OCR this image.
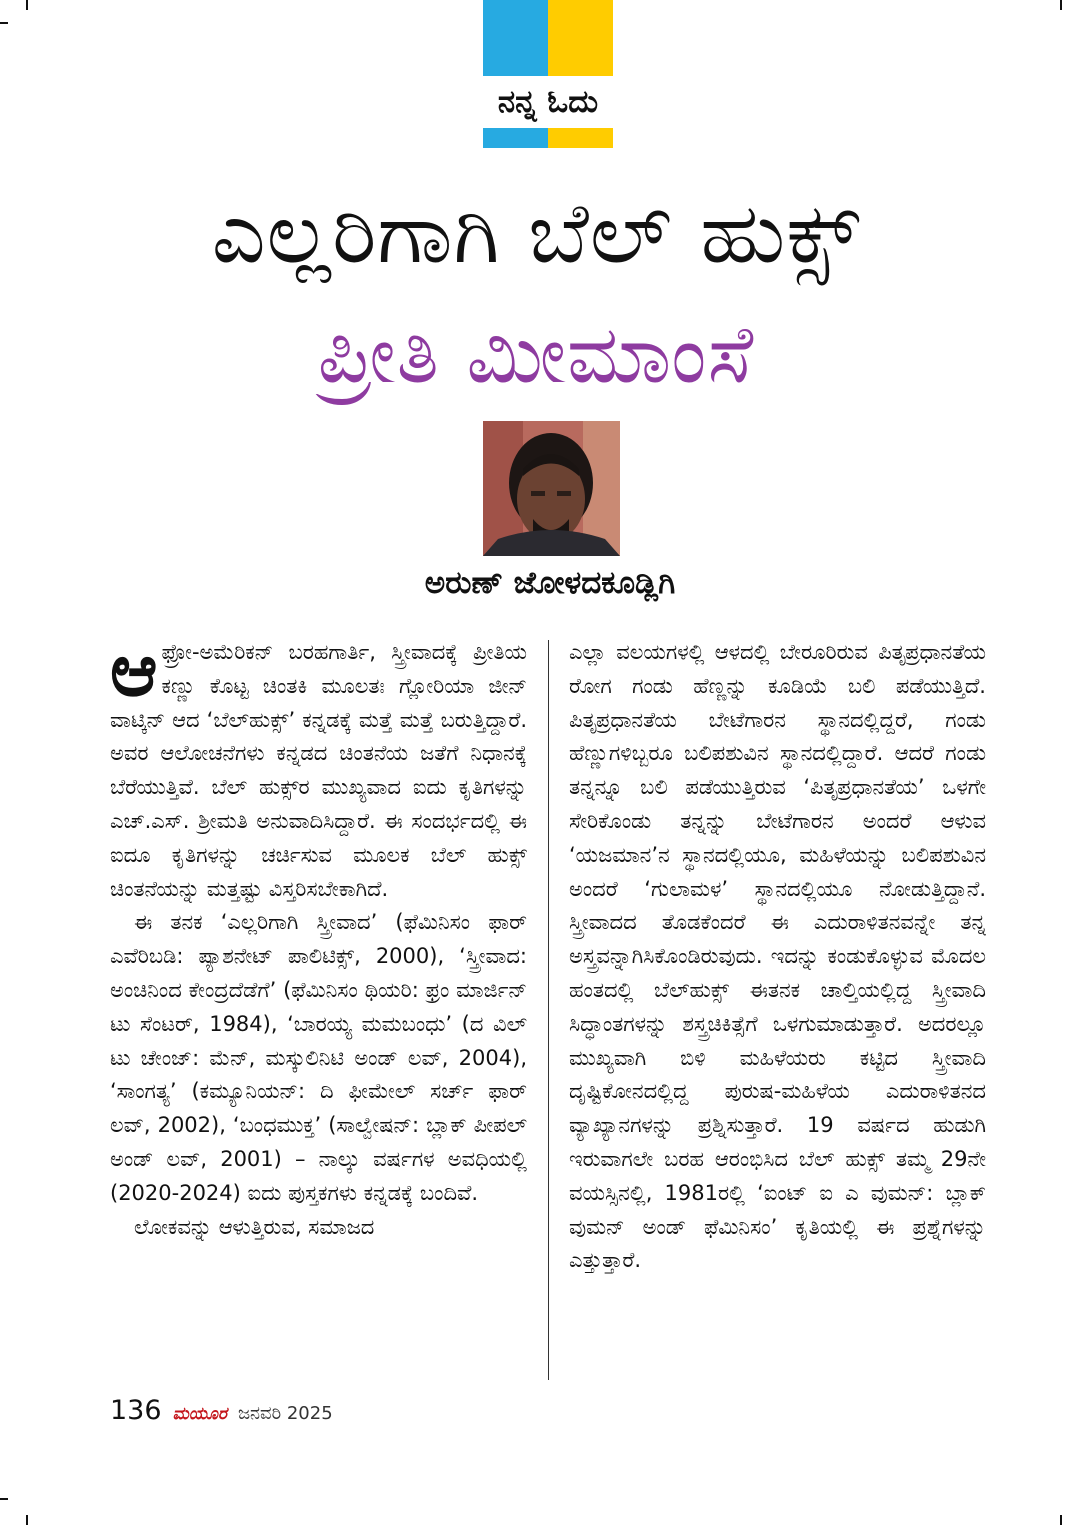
ನನ್ನ ಓದು
ಎಲ್ಲರಿಗಾಗಿ ಬೆಲ್ ಹುಕ್ಸ್
ಪ್ರೀತಿ ಮೀಮಾಂಸೆ
ಅರುಣ್ ಜೋಳದಕೂಡ್ಲಿಗಿ
ಆ ಫ್ರೋ-ಅಮೆರಿಕನ್ ಬರಹಗಾರ್ತಿ, ಸ್ತ್ರೀವಾದಕ್ಕೆ ಪ್ರೀತಿಯ ಕಣ್ಣು ಕೊಟ್ಟ ಚಿಂತಕಿ ಮೂಲತಃ ಗ್ಲೋರಿಯಾ ಜೀನ್ ವಾಟ್ಕಿನ್ ಆದ ‘ಬೆಲ್‌ಹುಕ್ಸ್’ ಕನ್ನಡಕ್ಕೆ ಮತ್ತೆ ಮತ್ತೆ ಬರುತ್ತಿದ್ದಾರೆ. ಅವರ ಆಲೋಚನೆಗಳು ಕನ್ನಡದ ಚಿಂತನೆಯ ಜತೆಗೆ ನಿಧಾನಕ್ಕೆ ಬೆರೆಯುತ್ತಿವೆ. ಬೆಲ್ ಹುಕ್ಸ್‌ರ ಮುಖ್ಯವಾದ ಐದು ಕೃತಿಗಳನ್ನು ಎಚ್.ಎಸ್. ಶ್ರೀಮತಿ ಅನುವಾದಿಸಿದ್ದಾರೆ. ಈ ಸಂದರ್ಭದಲ್ಲಿ ಈ ಐದೂ ಕೃತಿಗಳನ್ನು ಚರ್ಚಿಸುವ ಮೂಲಕ ಬೆಲ್ ಹುಕ್ಸ್ ಚಿಂತನೆಯನ್ನು ಮತ್ತಷ್ಟು ವಿಸ್ತರಿಸಬೇಕಾಗಿದೆ.

ಈ ತನಕ ‘ಎಲ್ಲರಿಗಾಗಿ ಸ್ತ್ರೀವಾದ’ (ಫೆಮಿನಿಸಂ ಫಾರ್ ಎವೆರಿಬಡಿ: ಪ್ಯಾಶನೇಟ್ ಪಾಲಿಟಿಕ್ಸ್, 2000), ‘ಸ್ತ್ರೀವಾದ: ಅಂಚಿನಿಂದ ಕೇಂದ್ರದೆಡೆಗೆ’ (ಫೆಮಿನಿಸಂ ಥಿಯರಿ: ಫ್ರಂ ಮಾರ್ಜಿನ್ ಟು ಸೆಂಟರ್, 1984), ‘ಬಾರಯ್ಯ ಮಮಬಂಧು’ (ದ ವಿಲ್ ಟು ಚೇಂಜ್: ಮೆನ್, ಮಸ್ಕುಲಿನಿಟಿ ಅಂಡ್ ಲವ್, 2004), ‘ಸಾಂಗತ್ಯ’ (ಕಮ್ಯೂನಿಯನ್: ದಿ ಫೀಮೇಲ್ ಸರ್ಚ್ ಫಾರ್ ಲವ್, 2002), ‘ಬಂಧಮುಕ್ತ’ (ಸಾಲ್ವೇಷನ್: ಬ್ಲಾಕ್ ಪೀಪಲ್ ಅಂಡ್ ಲವ್, 2001) – ನಾಲ್ಕು ವರ್ಷಗಳ ಅವಧಿಯಲ್ಲಿ (2020-2024) ಐದು ಪುಸ್ತಕಗಳು ಕನ್ನಡಕ್ಕೆ ಬಂದಿವೆ.

ಲೋಕವನ್ನು ಆಳುತ್ತಿರುವ, ಸಮಾಜದ

ಎಲ್ಲಾ ವಲಯಗಳಲ್ಲಿ ಆಳದಲ್ಲಿ ಬೇರೂರಿರುವ ಪಿತೃಪ್ರಧಾನತೆಯ ರೋಗ ಗಂಡು ಹೆಣ್ಣನ್ನು ಕೂಡಿಯೆ ಬಲಿ ಪಡೆಯುತ್ತಿದೆ. ಪಿತೃಪ್ರಧಾನತೆಯ ಬೇಟೆಗಾರನ ಸ್ಥಾನದಲ್ಲಿದ್ದರೆ, ಗಂಡು ಹೆಣ್ಣುಗಳಿಬ್ಬರೂ ಬಲಿಪಶುವಿನ ಸ್ಥಾನದಲ್ಲಿದ್ದಾರೆ. ಆದರೆ ಗಂಡು ತನ್ನನ್ನೂ ಬಲಿ ಪಡೆಯುತ್ತಿರುವ ‘ಪಿತೃಪ್ರಧಾನತೆಯ’ ಒಳಗೇ ಸೇರಿಕೊಂಡು ತನ್ನನ್ನು ಬೇಟೆಗಾರನ ಅಂದರೆ ಆಳುವ ‘ಯಜಮಾನ’ನ ಸ್ಥಾನದಲ್ಲಿಯೂ, ಮಹಿಳೆಯನ್ನು ಬಲಿಪಶುವಿನ ಅಂದರೆ ‘ಗುಲಾಮಳ’ ಸ್ಥಾನದಲ್ಲಿಯೂ ನೋಡುತ್ತಿದ್ದಾನೆ. ಸ್ತ್ರೀವಾದದ ತೊಡಕೆಂದರೆ ಈ ಎದುರಾಳಿತನವನ್ನೇ ತನ್ನ ಅಸ್ತ್ರವನ್ನಾಗಿಸಿಕೊಂಡಿರುವುದು. ಇದನ್ನು ಕಂಡುಕೊಳ್ಳುವ ಮೊದಲ ಹಂತದಲ್ಲಿ ಬೆಲ್‌ಹುಕ್ಸ್ ಈತನಕ ಚಾಲ್ತಿಯಲ್ಲಿದ್ದ ಸ್ತ್ರೀವಾದಿ ಸಿದ್ಧಾಂತಗಳನ್ನು ಶಸ್ತ್ರಚಿಕಿತ್ಸೆಗೆ ಒಳಗುಮಾಡುತ್ತಾರೆ. ಅದರಲ್ಲೂ ಮುಖ್ಯವಾಗಿ ಬಿಳಿ ಮಹಿಳೆಯರು ಕಟ್ಟಿದ ಸ್ತ್ರೀವಾದಿ ದೃಷ್ಟಿಕೋನದಲ್ಲಿದ್ದ ಪುರುಷ-ಮಹಿಳೆಯ ಎದುರಾಳಿತನದ ವ್ಯಾಖ್ಯಾನಗಳನ್ನು ಪ್ರಶ್ನಿಸುತ್ತಾರೆ. 19 ವರ್ಷದ ಹುಡುಗಿ ಇರುವಾಗಲೇ ಬರಹ ಆರಂಭಿಸಿದ ಬೆಲ್ ಹುಕ್ಸ್ ತಮ್ಮ 29ನೇ ವಯಸ್ಸಿನಲ್ಲಿ, 1981ರಲ್ಲಿ ‘ಐಂಟ್ ಐ ಎ ವುಮನ್: ಬ್ಲಾಕ್ ವುಮನ್ ಅಂಡ್ ಫೆಮಿನಿಸಂ’ ಕೃತಿಯಲ್ಲಿ ಈ ಪ್ರಶ್ನೆಗಳನ್ನು ಎತ್ತುತ್ತಾರೆ.

136 ಮಯೂರ ಜನವರಿ 2025
